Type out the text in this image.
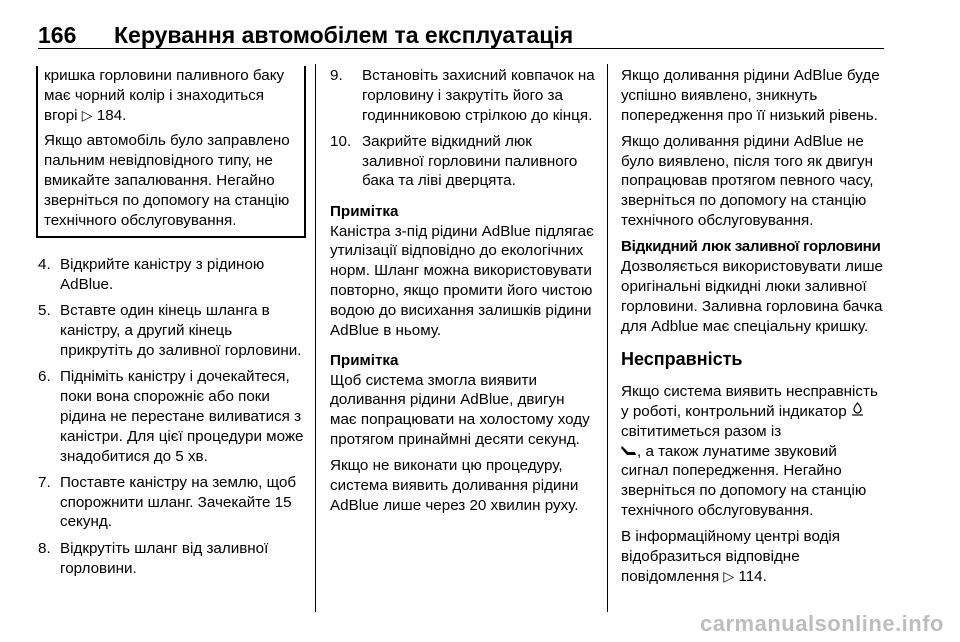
166 Керування автомобілем та експлуатація

кришка горловини паливного баку має чорний колір і знаходиться вгорі ▷ 184.

Якщо автомобіль було заправлено пальним невідповідного типу, не вмикайте запалювання. Негайно зверніться по допомогу на станцію технічного обслуговування.

4. Відкрийте каністру з рідиною AdBlue.
5. Вставте один кінець шланга в каністру, а другий кінець прикрутіть до заливної горловини.
6. Підніміть каністру і дочекайтеся, поки вона спорожніє або поки рідина не перестане виливатися з каністри. Для цієї процедури може знадобитися до 5 хв.
7. Поставте каністру на землю, щоб спорожнити шланг. Зачекайте 15 секунд.
8. Відкрутіть шланг від заливної горловини.
9. Встановіть захисний ковпачок на горловину і закрутіть його за годинниковою стрілкою до кінця.
10. Закрийте відкидний люк заливної горловини паливного бака та ліві дверцята.

Примітка

Каністра з-під рідини AdBlue підлягає утилізації відповідно до екологічних норм. Шланг можна використовувати повторно, якщо промити його чистою водою до висихання залишків рідини AdBlue в ньому.

Примітка

Щоб система змогла виявити доливання рідини AdBlue, двигун має попрацювати на холостому ходу протягом принаймні десяти секунд.

Якщо не виконати цю процедуру, система виявить доливання рідини AdBlue лише через 20 хвилин руху.

Якщо доливання рідини AdBlue буде успішно виявлено, зникнуть попередження про її низький рівень.

Якщо доливання рідини AdBlue не було виявлено, після того як двигун попрацював протягом певного часу, зверніться по допомогу на станцію технічного обслуговування.

Відкидний люк заливної горловини

Дозволяється використовувати лише оригінальні відкидні люки заливної горловини. Заливна горловина бачка для Adblue має спеціальну кришку.

Несправність

Якщо система виявить несправність у роботі, контрольний індикатор  світитиметься разом із
, а також лунатиме звуковий сигнал попередження. Негайно зверніться по допомогу на станцію технічного обслуговування.

В інформаційному центрі водія відобразиться відповідне повідомлення ▷ 114.

carmanualsonline.info
